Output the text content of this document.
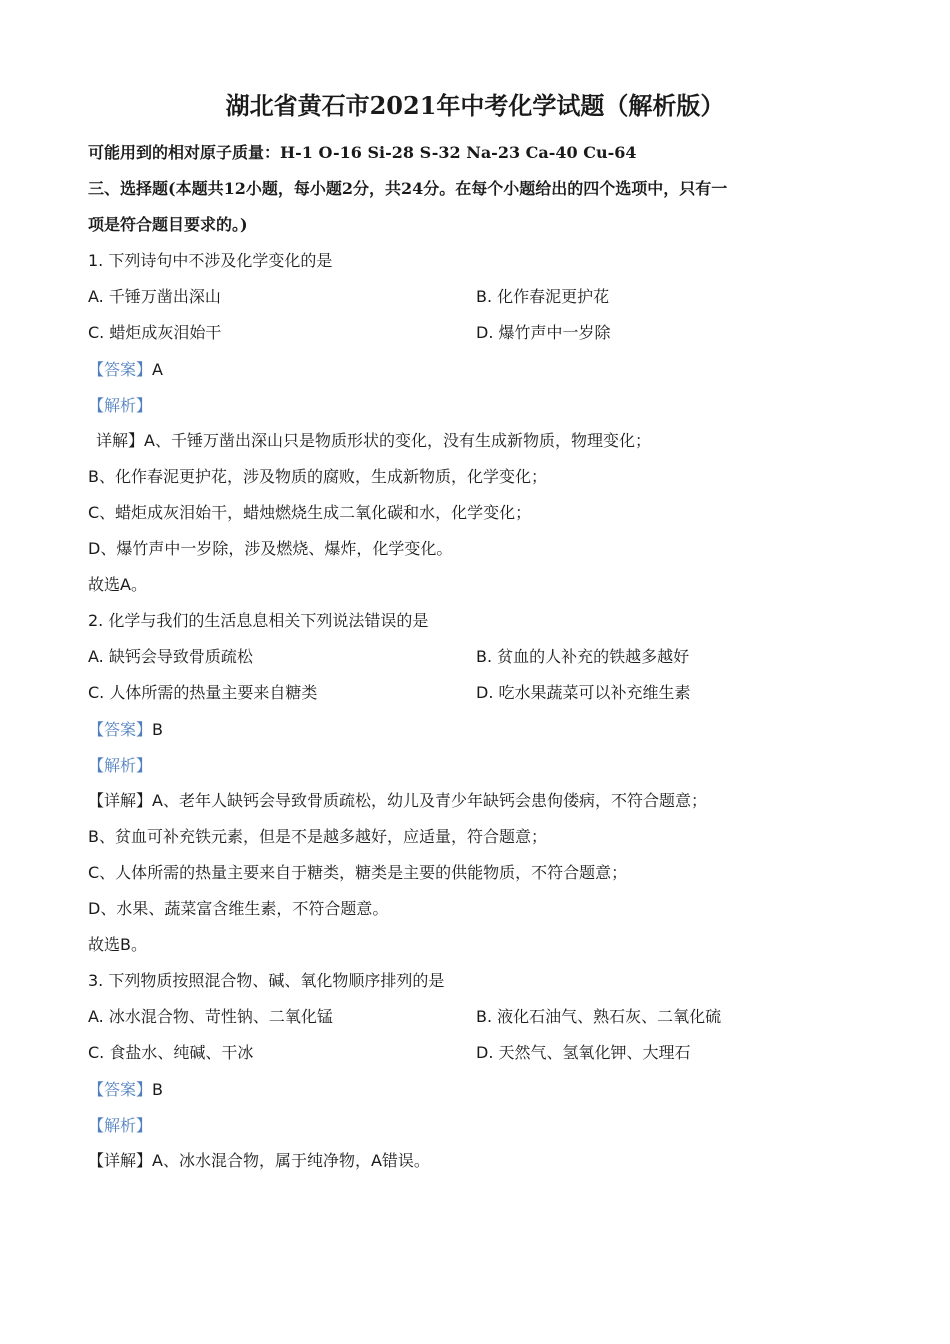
湖北省黄石市2021年中考化学试题（解析版）
可能用到的相对原子质量：H-1 O-16 Si-28 S-32 Na-23 Ca-40 Cu-64
三、选择题(本题共12小题，每小题2分，共24分。在每个小题给出的四个选项中，只有一
项是符合题目要求的。)
1. 下列诗句中不涉及化学变化的是
A. 千锤万凿出深山	B. 化作春泥更护花
C. 蜡炬成灰泪始干	D. 爆竹声中一岁除
【答案】A
【解析】
详解】A、千锤万凿出深山只是物质形状的变化，没有生成新物质，物理变化；
B、化作春泥更护花，涉及物质的腐败，生成新物质，化学变化；
C、蜡炬成灰泪始干，蜡烛燃烧生成二氧化碳和水，化学变化；
D、爆竹声中一岁除，涉及燃烧、爆炸，化学变化。
故选A。
2. 化学与我们的生活息息相关下列说法错误的是
A. 缺钙会导致骨质疏松	B. 贫血的人补充的铁越多越好
C. 人体所需的热量主要来自糖类	D. 吃水果蔬菜可以补充维生素
【答案】B
【解析】
【详解】A、老年人缺钙会导致骨质疏松，幼儿及青少年缺钙会患佝偻病，不符合题意；
B、贫血可补充铁元素，但是不是越多越好，应适量，符合题意；
C、人体所需的热量主要来自于糖类，糖类是主要的供能物质，不符合题意；
D、水果、蔬菜富含维生素，不符合题意。
故选B。
3. 下列物质按照混合物、碱、氧化物顺序排列的是
A. 冰水混合物、苛性钠、二氧化锰	B. 液化石油气、熟石灰、二氧化硫
C. 食盐水、纯碱、干冰	D. 天然气、氢氧化钾、大理石
【答案】B
【解析】
【详解】A、冰水混合物，属于纯净物，A错误。
